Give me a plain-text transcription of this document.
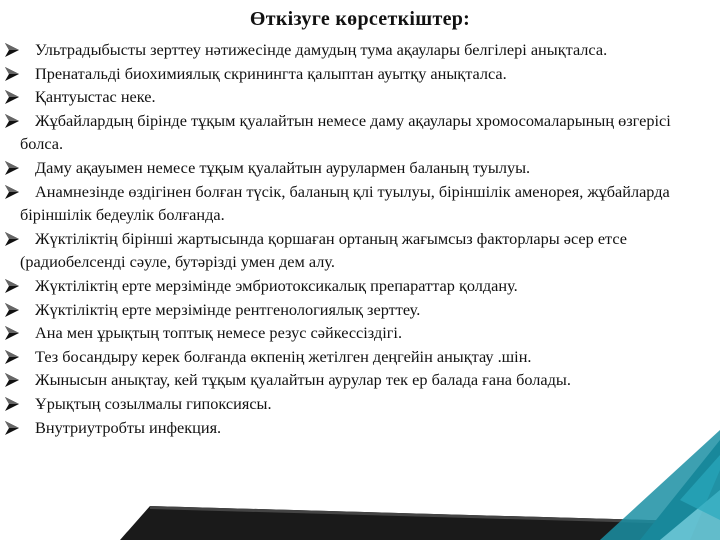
Өткізуге көрсеткіштер:
Ультрадыбысты зерттеу нәтижесінде дамудың тума ақаулары белгілері анықталса.
Пренатальді биохимиялық скринингта қалыптан ауытқу анықталса.
Қантуыстас неке.
Жұбайлардың бірінде тұқым қуалайтын немесе даму ақаулары хромосомаларының өзгерісі болса.
Даму ақауымен немесе тұқым қуалайтын аурулармен баланың туылуы.
Анамнезінде өздігінен болған түсік, баланың қлі туылуы, біріншілік аменорея, жұбайларда біріншілік бедеулік болғанда.
Жүктіліктің бірінші жартысында қоршаған ортаның жағымсыз факторлары әсер етсе (радиобелсенді сәуле, бутәрізді умен дем алу.
Жүктіліктің ерте мерзімінде эмбриотоксикалық препараттар қолдану.
Жүктіліктің ерте мерзімінде рентгенологиялық зерттеу.
Ана мен ұрықтың топтық немесе резус сәйкессіздігі.
Тез босандыру керек болғанда өкпенің жетілген деңгейін анықтау .шін.
Жынысын анықтау, кей тұқым қуалайтын аурулар тек ер балада ғана болады.
Ұрықтың созылмалы гипоксиясы.
Внутриутробты инфекция.
